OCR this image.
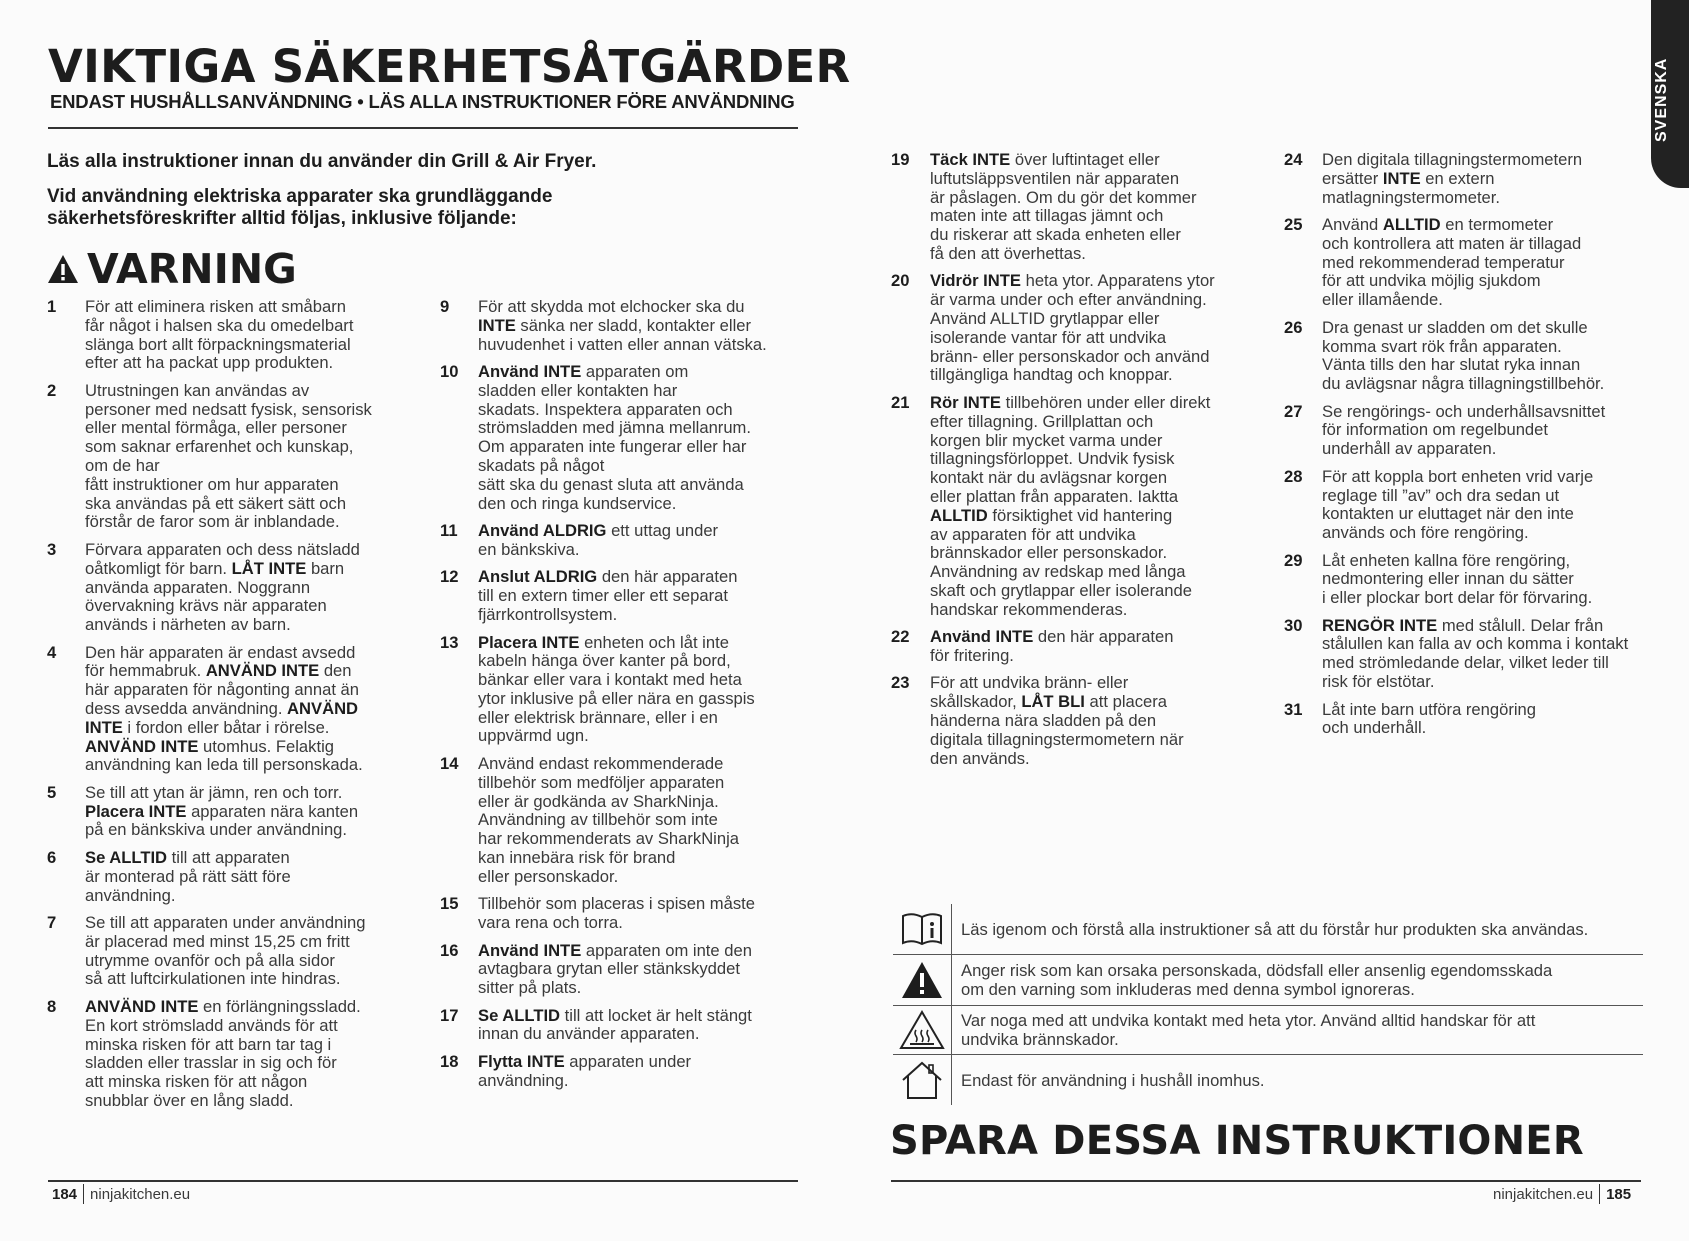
SVENSKA
VIKTIGA SÄKERHETSÅTGÄRDER
ENDAST HUSHÅLLSANVÄNDNING • LÄS ALLA INSTRUKTIONER FÖRE ANVÄNDNING
Läs alla instruktioner innan du använder din Grill & Air Fryer.
Vid användning elektriska apparater ska grundläggande
säkerhetsföreskrifter alltid följas, inklusive följande:
VARNING
1	För att eliminera risken att småbarn
får något i halsen ska du omedelbart
slänga bort allt förpackningsmaterial
efter att ha packat upp produkten.
2	Utrustningen kan användas av
personer med nedsatt fysisk, sensorisk
eller mental förmåga, eller personer
som saknar erfarenhet och kunskap,
om de har
fått instruktioner om hur apparaten
ska användas på ett säkert sätt och
förstår de faror som är inblandade.
3	Förvara apparaten och dess nätsladd
oåtkomligt för barn. LÅT INTE barn
använda apparaten. Noggrann
övervakning krävs när apparaten
används i närheten av barn.
4	Den här apparaten är endast avsedd
för hemmabruk. ANVÄND INTE den
här apparaten för någonting annat än
dess avsedda användning. ANVÄND
INTE i fordon eller båtar i rörelse.
ANVÄND INTE utomhus. Felaktig
användning kan leda till personskada.
5	Se till att ytan är jämn, ren och torr.
Placera INTE apparaten nära kanten
på en bänkskiva under användning.
6	Se ALLTID till att apparaten
är monterad på rätt sätt före
användning.
7	Se till att apparaten under användning
är placerad med minst 15,25 cm fritt
utrymme ovanför och på alla sidor
så att luftcirkulationen inte hindras.
8	ANVÄND INTE en förlängningssladd.
En kort strömsladd används för att
minska risken för att barn tar tag i
sladden eller trasslar in sig och för
att minska risken för att någon
snubblar över en lång sladd.
9	För att skydda mot elchocker ska du
INTE sänka ner sladd, kontakter eller
huvudenhet i vatten eller annan vätska.
10	Använd INTE apparaten om
sladden eller kontakten har
skadats. Inspektera apparaten och
strömsladden med jämna mellanrum.
Om apparaten inte fungerar eller har
skadats på något
sätt ska du genast sluta att använda
den och ringa kundservice.
11	Använd ALDRIG ett uttag under
en bänkskiva.
12	Anslut ALDRIG den här apparaten
till en extern timer eller ett separat
fjärrkontrollsystem.
13	Placera INTE enheten och låt inte
kabeln hänga över kanter på bord,
bänkar eller vara i kontakt med heta
ytor inklusive på eller nära en gasspis
eller elektrisk brännare, eller i en
uppvärmd ugn.
14	Använd endast rekommenderade
tillbehör som medföljer apparaten
eller är godkända av SharkNinja.
Användning av tillbehör som inte
har rekommenderats av SharkNinja
kan innebära risk för brand
eller personskador.
15	Tillbehör som placeras i spisen måste
vara rena och torra.
16	Använd INTE apparaten om inte den
avtagbara grytan eller stänkskyddet
sitter på plats.
17	Se ALLTID till att locket är helt stängt
innan du använder apparaten.
18	Flytta INTE apparaten under
användning.
19	Täck INTE över luftintaget eller
luftutsläppsventilen när apparaten
är påslagen. Om du gör det kommer
maten inte att tillagas jämnt och
du riskerar att skada enheten eller
få den att överhettas.
20	Vidrör INTE heta ytor. Apparatens ytor
är varma under och efter användning.
Använd ALLTID grytlappar eller
isolerande vantar för att undvika
bränn- eller personskador och använd
tillgängliga handtag och knoppar.
21	Rör INTE tillbehören under eller direkt
efter tillagning. Grillplattan och
korgen blir mycket varma under
tillagningsförloppet. Undvik fysisk
kontakt när du avlägsnar korgen
eller plattan från apparaten. Iaktta
ALLTID försiktighet vid hantering
av apparaten för att undvika
brännskador eller personskador.
Användning av redskap med långa
skaft och grytlappar eller isolerande
handskar rekommenderas.
22	Använd INTE den här apparaten
för fritering.
23	För att undvika bränn- eller
skållskador, LÅT BLI att placera
händerna nära sladden på den
digitala tillagningstermometern när
den används.
24	Den digitala tillagningstermometern
ersätter INTE en extern
matlagningstermometer.
25	Använd ALLTID en termometer
och kontrollera att maten är tillagad
med rekommenderad temperatur
för att undvika möjlig sjukdom
eller illamående.
26	Dra genast ur sladden om det skulle
komma svart rök från apparaten.
Vänta tills den har slutat ryka innan
du avlägsnar några tillagningstillbehör.
27	Se rengörings- och underhållsavsnittet
för information om regelbundet
underhåll av apparaten.
28	För att koppla bort enheten vrid varje
reglage till ”av” och dra sedan ut
kontakten ur eluttaget när den inte
används och före rengöring.
29	Låt enheten kallna före rengöring,
nedmontering eller innan du sätter
i eller plockar bort delar för förvaring.
30	RENGÖR INTE med stålull. Delar från
stålullen kan falla av och komma i kontakt
med strömledande delar, vilket leder till
risk för elstötar.
31	Låt inte barn utföra rengöring
och underhåll.
Läs igenom och förstå alla instruktioner så att du förstår hur produkten ska användas.
Anger risk som kan orsaka personskada, dödsfall eller ansenlig egendomsskada
om den varning som inkluderas med denna symbol ignoreras.
Var noga med att undvika kontakt med heta ytor. Använd alltid handskar för att
undvika brännskador.
Endast för användning i hushåll inomhus.
SPARA DESSA INSTRUKTIONER
184 ninjakitchen.eu	ninjakitchen.eu 185
